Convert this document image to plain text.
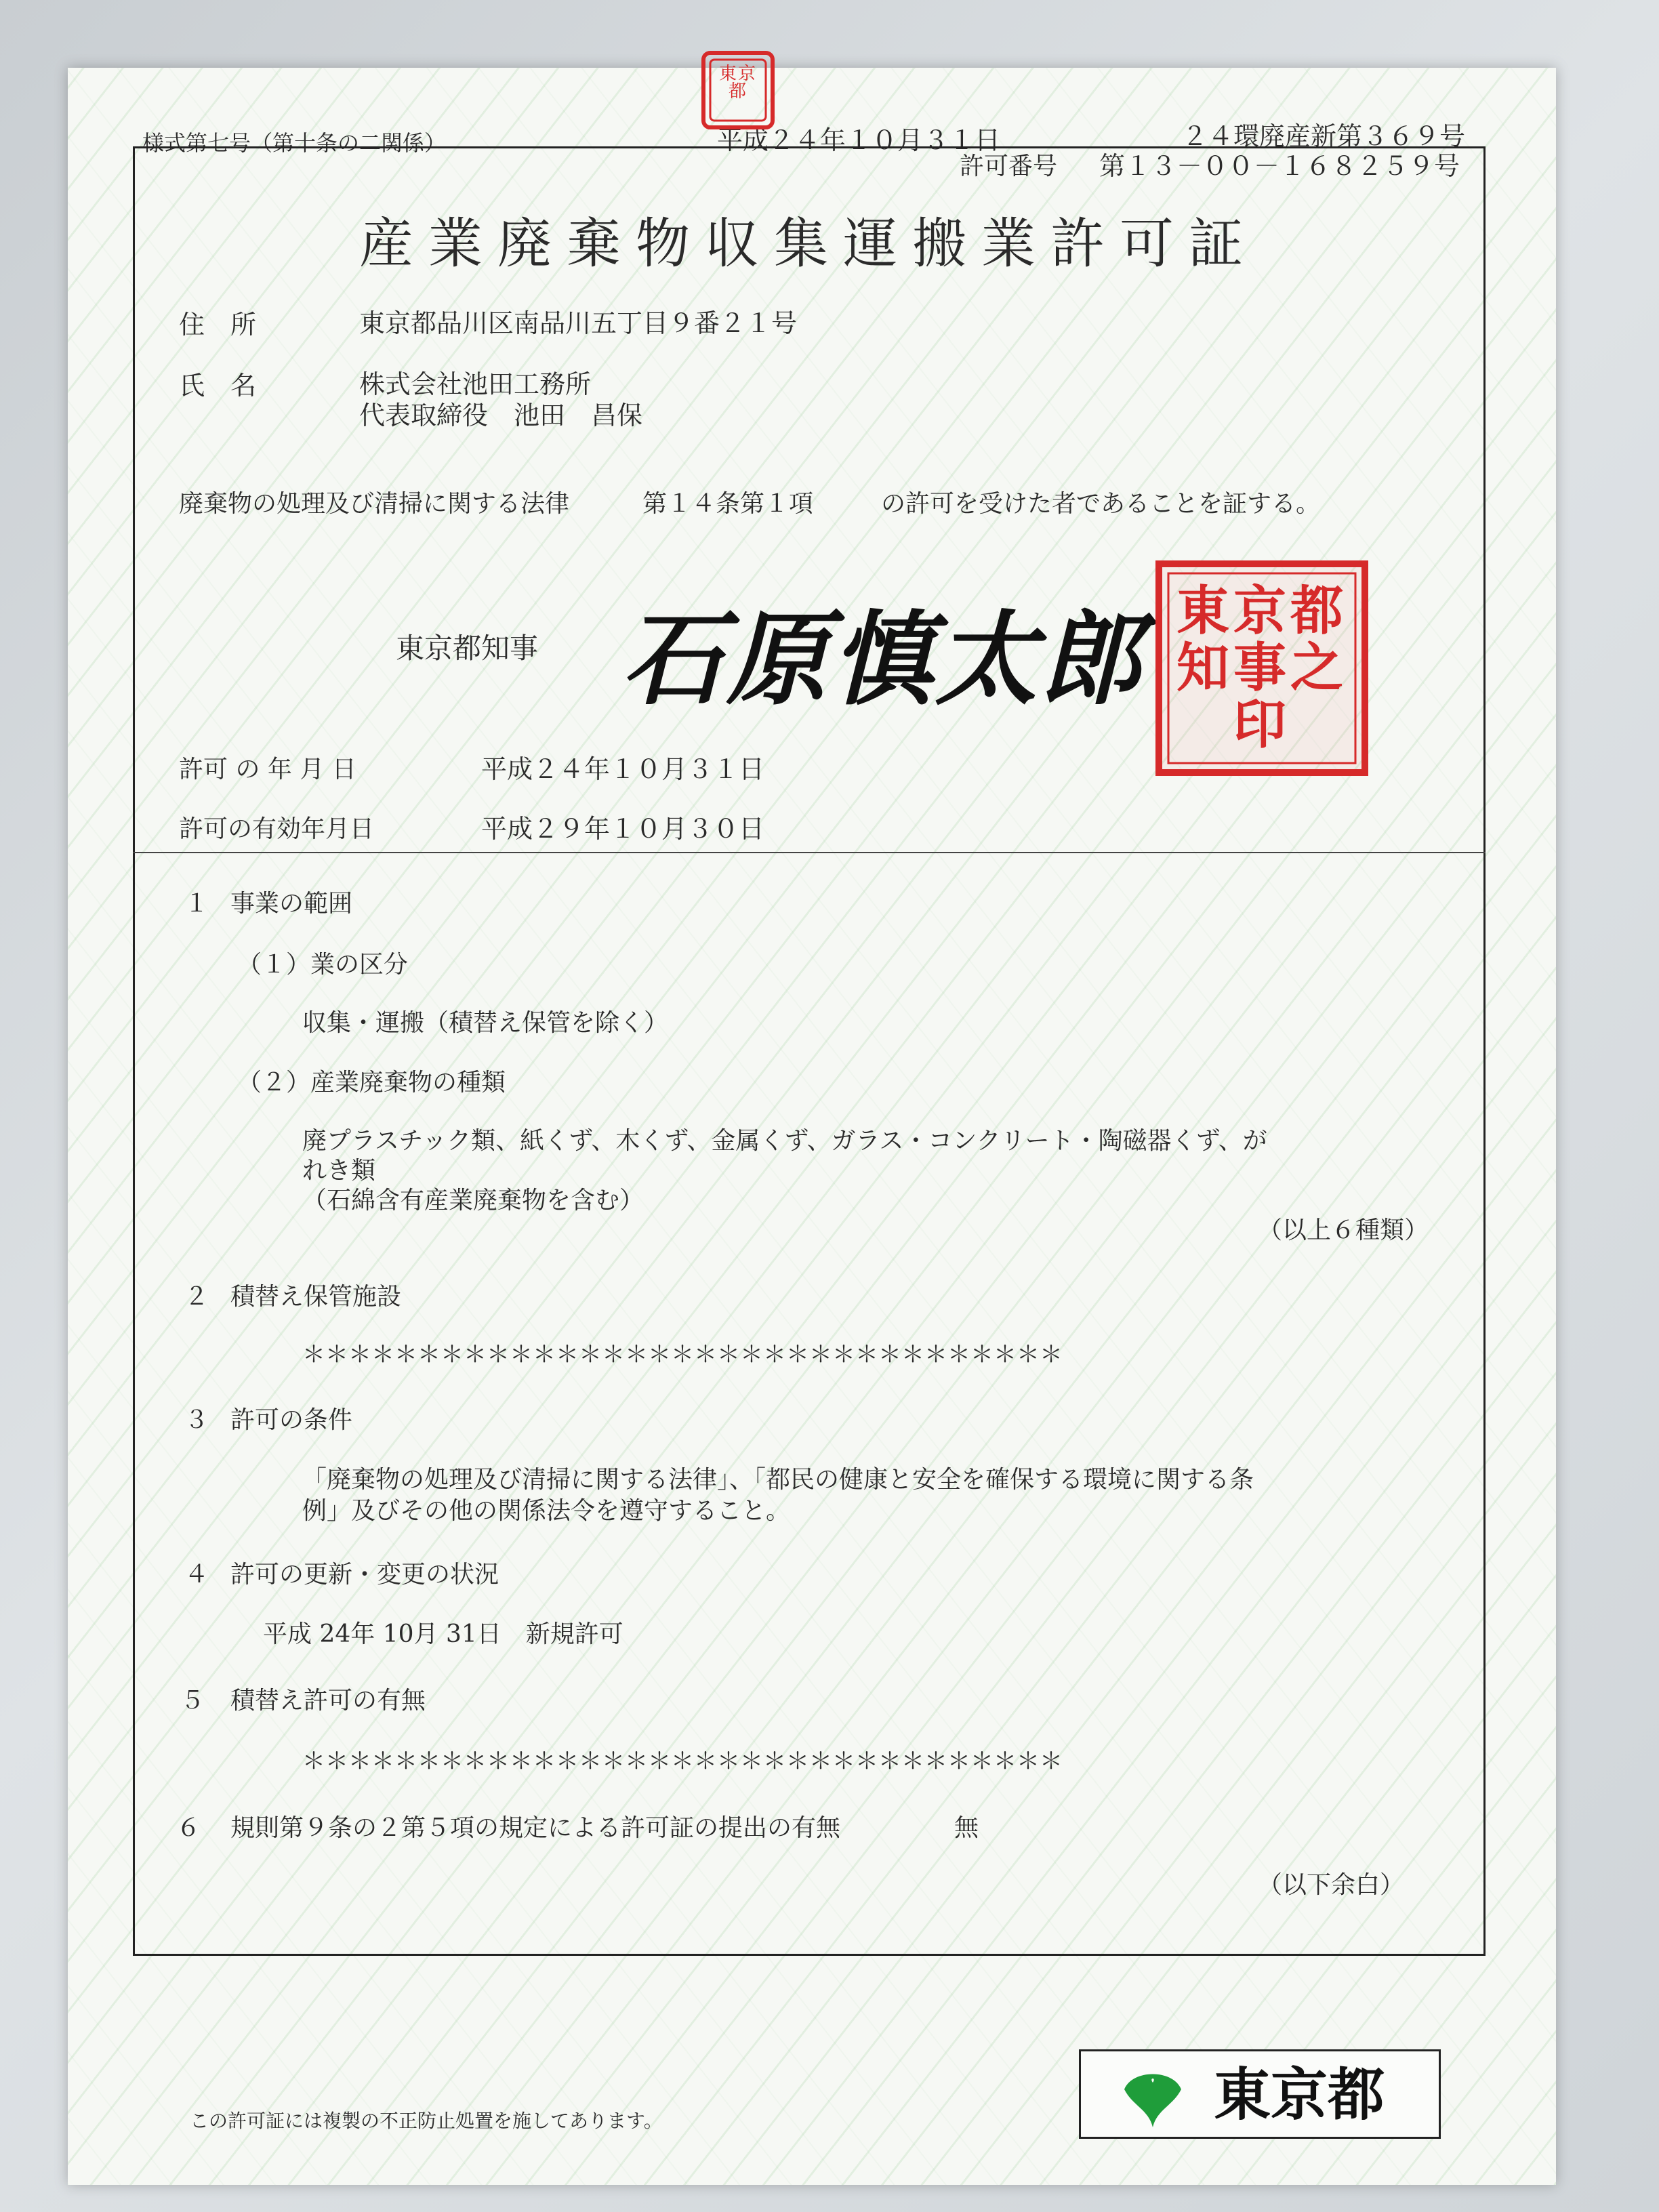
様式第七号（第十条の二関係）	平成２４年１０月３１日	２４環廃産新第３６９号
許可番号 第１３－００－１６８２５９号
東京都
産業廃棄物収集運搬業許可証
住　所	東京都品川区南品川五丁目９番２１号
氏　名	株式会社池田工務所
代表取締役　池田　昌保
廃棄物の処理及び清掃に関する法律	第１４条第１項	の許可を受けた者であることを証する。
東京都知事 石原慎太郎 東京都知事之印
許可 の 年 月 日	平成２４年１０月３１日
許可の有効年月日	平成２９年１０月３０日
１ 事業の範囲
（１）業の区分
収集・運搬（積替え保管を除く）
（２）産業廃棄物の種類
廃プラスチック類、紙くず、木くず、金属くず、ガラス・コンクリート・陶磁器くず、が
れき類
（石綿含有産業廃棄物を含む）
（以上６種類）
２ 積替え保管施設
＊＊＊＊＊＊＊＊＊＊＊＊＊＊＊＊＊＊＊＊＊＊＊＊＊＊＊＊＊＊＊＊＊
３ 許可の条件
「廃棄物の処理及び清掃に関する法律」、「都民の健康と安全を確保する環境に関する条
例」及びその他の関係法令を遵守すること。
４ 許可の更新・変更の状況
平成 24年 10月 31日　新規許可
５ 積替え許可の有無
＊＊＊＊＊＊＊＊＊＊＊＊＊＊＊＊＊＊＊＊＊＊＊＊＊＊＊＊＊＊＊＊＊
６ 規則第９条の２第５項の規定による許可証の提出の有無	無
（以下余白）
この許可証には複製の不正防止処置を施してあります。	東京都
